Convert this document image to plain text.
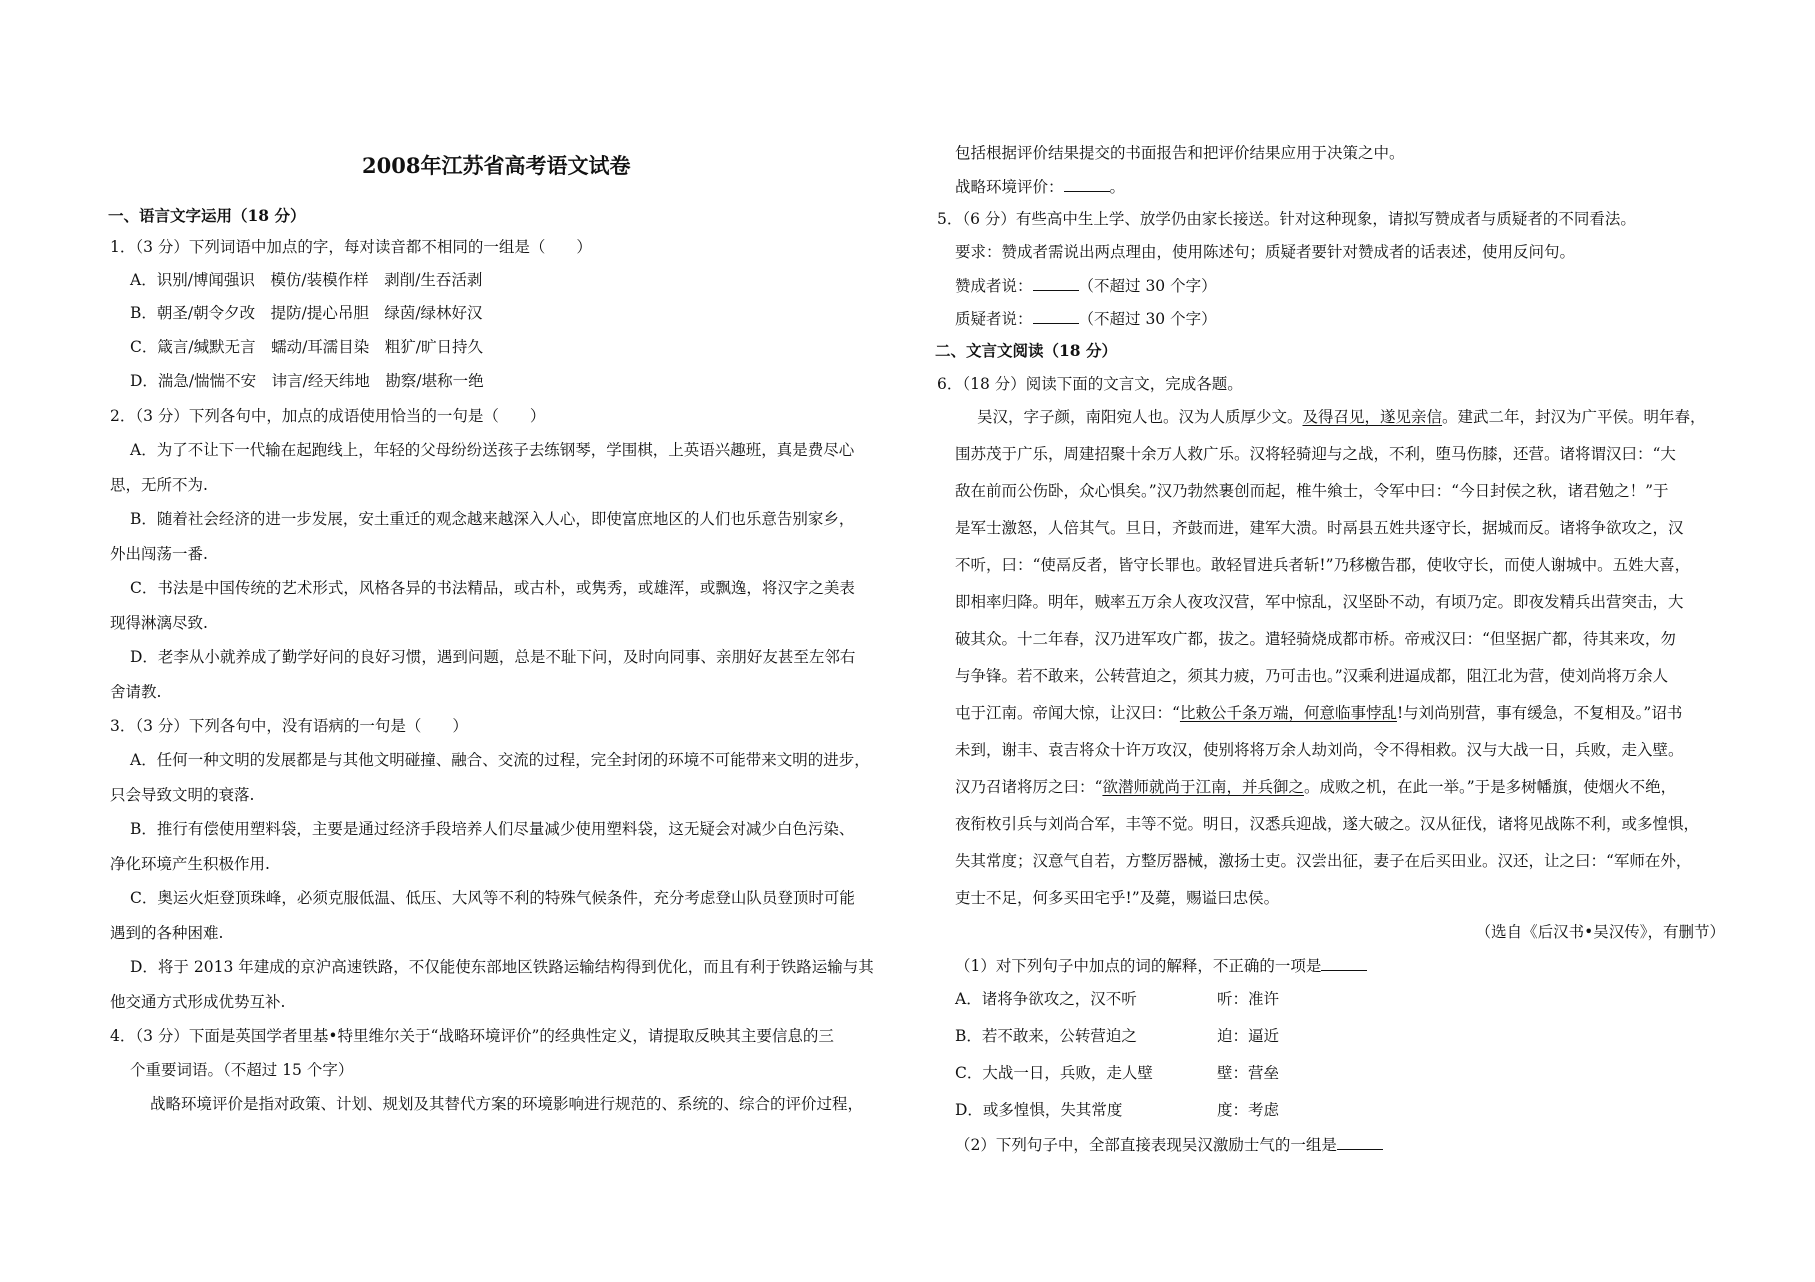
2008年江苏省高考语文试卷
一、语言文字运用（18 分）
1．（3 分）下列词语中加点的字，每对读音都不相同的一组是（　　）
A．识别/博闻强识　模仿/装模作样　剥削/生吞活剥
B．朝圣/朝令夕改　提防/提心吊胆　绿茵/绿林好汉
C．箴言/缄默无言　蠕动/耳濡目染　粗犷/旷日持久
D．湍急/惴惴不安　讳言/经天纬地　勘察/堪称一绝
2．（3 分）下列各句中，加点的成语使用恰当的一句是（　　）
A．为了不让下一代输在起跑线上，年轻的父母纷纷送孩子去练钢琴，学围棋，上英语兴趣班，真是费尽心
思，无所不为.
B．随着社会经济的进一步发展，安土重迁的观念越来越深入人心，即使富庶地区的人们也乐意告别家乡，
外出闯荡一番.
C．书法是中国传统的艺术形式，风格各异的书法精品，或古朴，或隽秀，或雄浑，或飘逸，将汉字之美表
现得淋漓尽致.
D．老李从小就养成了勤学好问的良好习惯，遇到问题，总是不耻下问，及时向同事、亲朋好友甚至左邻右
舍请教.
3．（3 分）下列各句中，没有语病的一句是（　　）
A．任何一种文明的发展都是与其他文明碰撞、融合、交流的过程，完全封闭的环境不可能带来文明的进步，
只会导致文明的衰落.
B．推行有偿使用塑料袋，主要是通过经济手段培养人们尽量减少使用塑料袋，这无疑会对减少白色污染、
净化环境产生积极作用.
C．奥运火炬登顶珠峰，必须克服低温、低压、大风等不利的特殊气候条件，充分考虑登山队员登顶时可能
遇到的各种困难.
D．将于 2013 年建成的京沪高速铁路，不仅能使东部地区铁路运输结构得到优化，而且有利于铁路运输与其
他交通方式形成优势互补.
4．（3 分）下面是英国学者里基•特里维尔关于“战略环境评价”的经典性定义，请提取反映其主要信息的三
个重要词语。（不超过 15 个字）
战略环境评价是指对政策、计划、规划及其替代方案的环境影响进行规范的、系统的、综合的评价过程，
包括根据评价结果提交的书面报告和把评价结果应用于决策之中。
战略环境评价：	。
5．（6 分）有些高中生上学、放学仍由家长接送。针对这种现象，请拟写赞成者与质疑者的不同看法。
要求：赞成者需说出两点理由，使用陈述句；质疑者要针对赞成者的话表述，使用反问句。
赞成者说：	（不超过 30 个字）
质疑者说：	（不超过 30 个字）
二、文言文阅读（18 分）
6．（18 分）阅读下面的文言文，完成各题。
吴汉，字子颜，南阳宛人也。汉为人质厚少文。及得召见，遂见亲信。建武二年，封汉为广平侯。明年春，
围苏茂于广乐，周建招聚十余万人救广乐。汉将轻骑迎与之战，不利，堕马伤膝，还营。诸将谓汉曰：“大
敌在前而公伤卧，众心惧矣。”汉乃勃然裹创而起，椎牛飨士，令军中曰：“今日封侯之秋，诸君勉之！”于
是军士激怒，人倍其气。旦日，齐鼓而进，建军大溃。时鬲县五姓共逐守长，据城而反。诸将争欲攻之，汉
不听，曰：“使鬲反者，皆守长罪也。敢轻冒进兵者斩!”乃移檄告郡，使收守长，而使人谢城中。五姓大喜，
即相率归降。明年，贼率五万余人夜攻汉营，军中惊乱，汉坚卧不动，有顷乃定。即夜发精兵出营突击，大
破其众。十二年春，汉乃进军攻广都，拔之。遣轻骑烧成都市桥。帝戒汉曰：“但坚据广都，待其来攻，勿
与争锋。若不敢来，公转营迫之，须其力疲，乃可击也。”汉乘利进逼成都，阻江北为营，使刘尚将万余人
屯于江南。帝闻大惊，让汉曰：“比敕公千条万端，何意临事悖乱!与刘尚别营，事有缓急，不复相及。”诏书
未到，谢丰、袁吉将众十许万攻汉，使别将将万余人劫刘尚，令不得相救。汉与大战一日，兵败，走入壁。
汉乃召诸将厉之曰：“欲潜师就尚于江南，并兵御之。成败之机，在此一举。”于是多树幡旗，使烟火不绝，
夜衔枚引兵与刘尚合军，丰等不觉。明日，汉悉兵迎战，遂大破之。汉从征伐，诸将见战陈不利，或多惶惧，
失其常度；汉意气自若，方整厉器械，激扬士吏。汉尝出征，妻子在后买田业。汉还，让之曰：“军师在外，
吏士不足，何多买田宅乎!”及薨，赐谥曰忠侯。
（选自《后汉书•吴汉传》，有删节）
（1）对下列句子中加点的词的解释，不正确的一项是
A．诸将争欲攻之，汉不听	听：准许
B．若不敢来，公转营迫之	迫：逼近
C．大战一日，兵败，走人壁	壁：营垒
D．或多惶惧，失其常度	度：考虑
（2）下列句子中，全部直接表现吴汉激励士气的一组是
